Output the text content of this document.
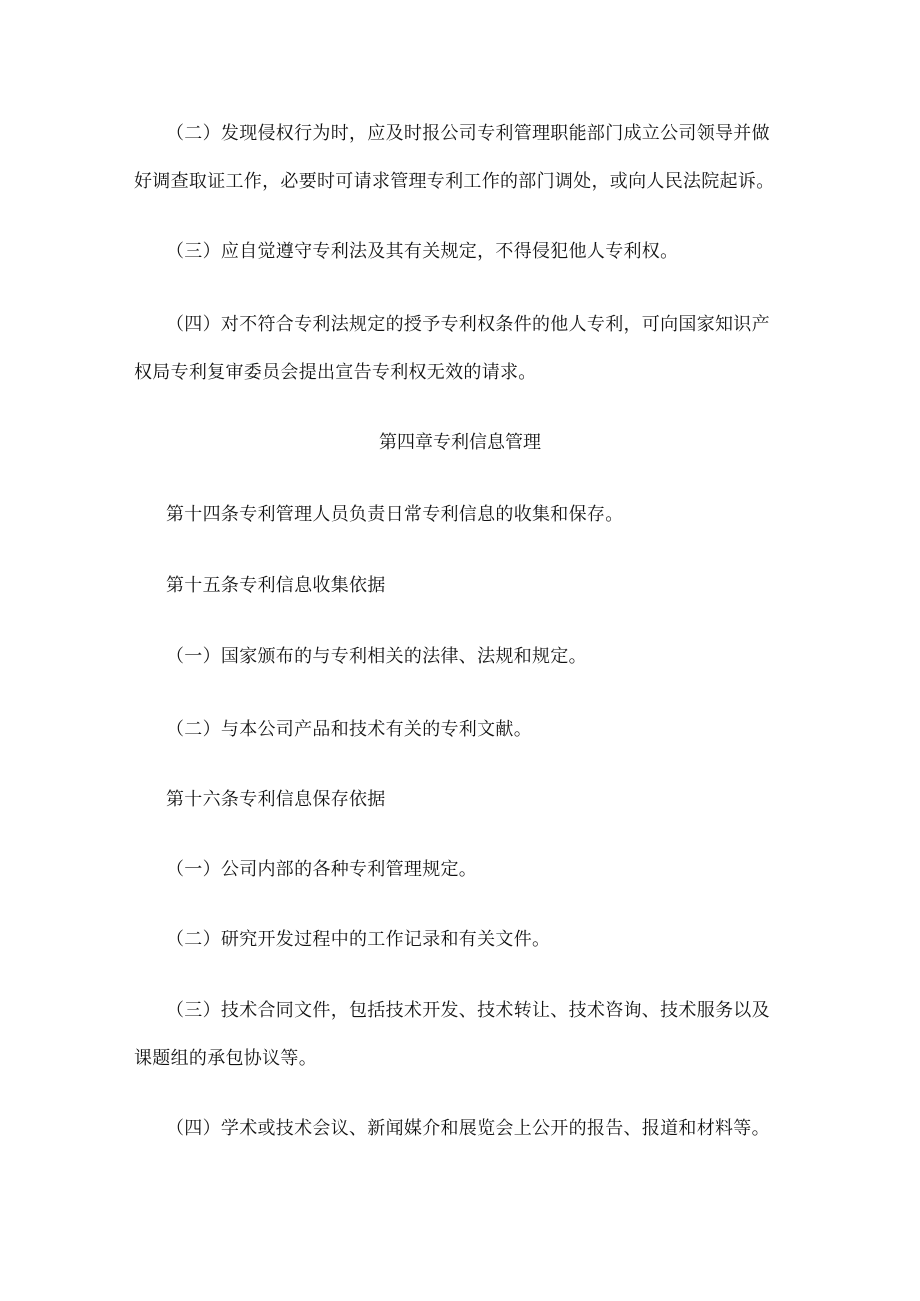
（二）发现侵权行为时，应及时报公司专利管理职能部门成立公司领导并做
好调查取证工作，必要时可请求管理专利工作的部门调处，或向人民法院起诉。
（三）应自觉遵守专利法及其有关规定，不得侵犯他人专利权。
（四）对不符合专利法规定的授予专利权条件的他人专利，可向国家知识产
权局专利复审委员会提出宣告专利权无效的请求。
第四章专利信息管理
第十四条专利管理人员负责日常专利信息的收集和保存。
第十五条专利信息收集依据
（一）国家颁布的与专利相关的法律、法规和规定。
（二）与本公司产品和技术有关的专利文献。
第十六条专利信息保存依据
（一）公司内部的各种专利管理规定。
（二）研究开发过程中的工作记录和有关文件。
（三）技术合同文件，包括技术开发、技术转让、技术咨询、技术服务以及
课题组的承包协议等。
（四）学术或技术会议、新闻媒介和展览会上公开的报告、报道和材料等。
